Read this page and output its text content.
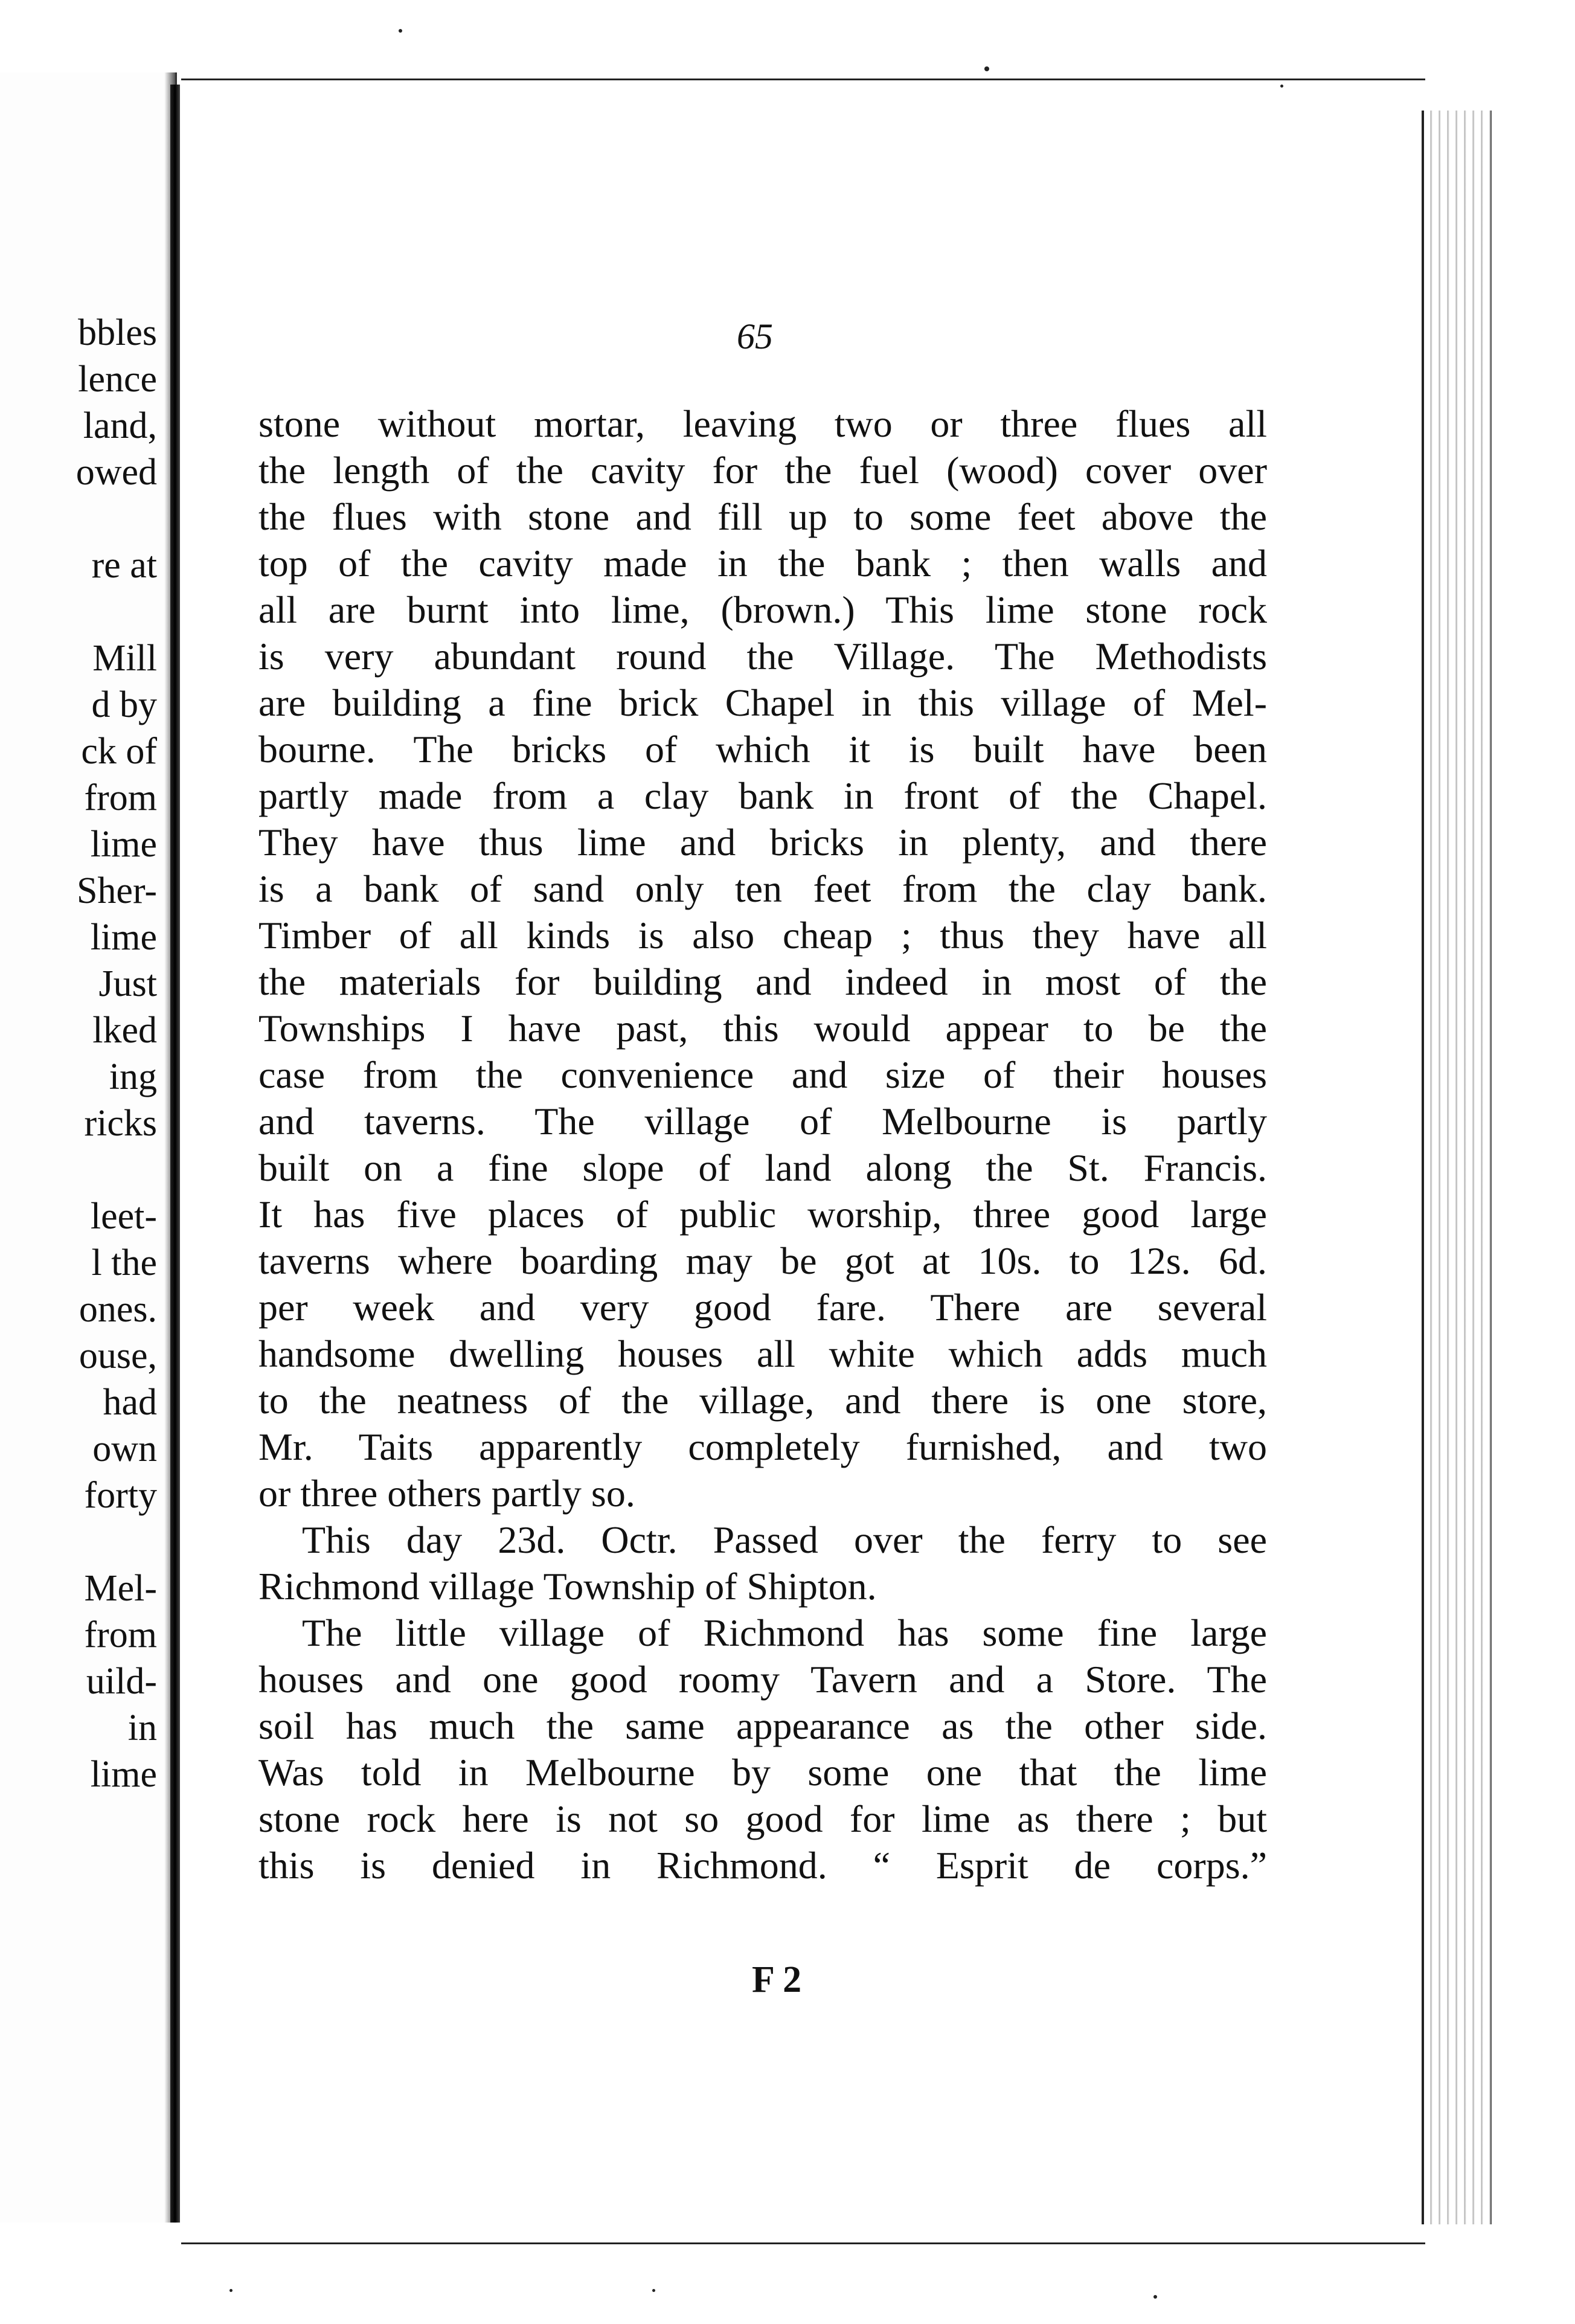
bbles
lence
land,
owed
re at
Mill
d by
ck of
from
lime
Sher-
lime
Just
lked
ing
ricks
leet-
l the
ones.
ouse,
had
own
forty
Mel-
from
uild-
in
lime
65
stone without mortar, leaving two or three flues all
the length of the cavity for the fuel (wood) cover over
the flues with stone and fill up to some feet above the
top of the cavity made in the bank ; then walls and
all are burnt into lime, (brown.) This lime stone rock
is very abundant round the Village. The Methodists
are building a fine brick Chapel in this village of Mel-
bourne. The bricks of which it is built have been
partly made from a clay bank in front of the Chapel.
They have thus lime and bricks in plenty, and there
is a bank of sand only ten feet from the clay bank.
Timber of all kinds is also cheap ; thus they have all
the materials for building and indeed in most of the
Townships I have past, this would appear to be the
case from the convenience and size of their houses
and taverns. The village of Melbourne is partly
built on a fine slope of land along the St. Francis.
It has five places of public worship, three good large
taverns where boarding may be got at 10s. to 12s. 6d.
per week and very good fare. There are several
handsome dwelling houses all white which adds much
to the neatness of the village, and there is one store,
Mr. Taits apparently completely furnished, and two
or three others partly so.
This day 23d. Octr. Passed over the ferry to see
Richmond village Township of Shipton.
The little village of Richmond has some fine large
houses and one good roomy Tavern and a Store. The
soil has much the same appearance as the other side.
Was told in Melbourne by some one that the lime
stone rock here is not so good for lime as there ; but
this is denied in Richmond. “ Esprit de corps.”
F 2
